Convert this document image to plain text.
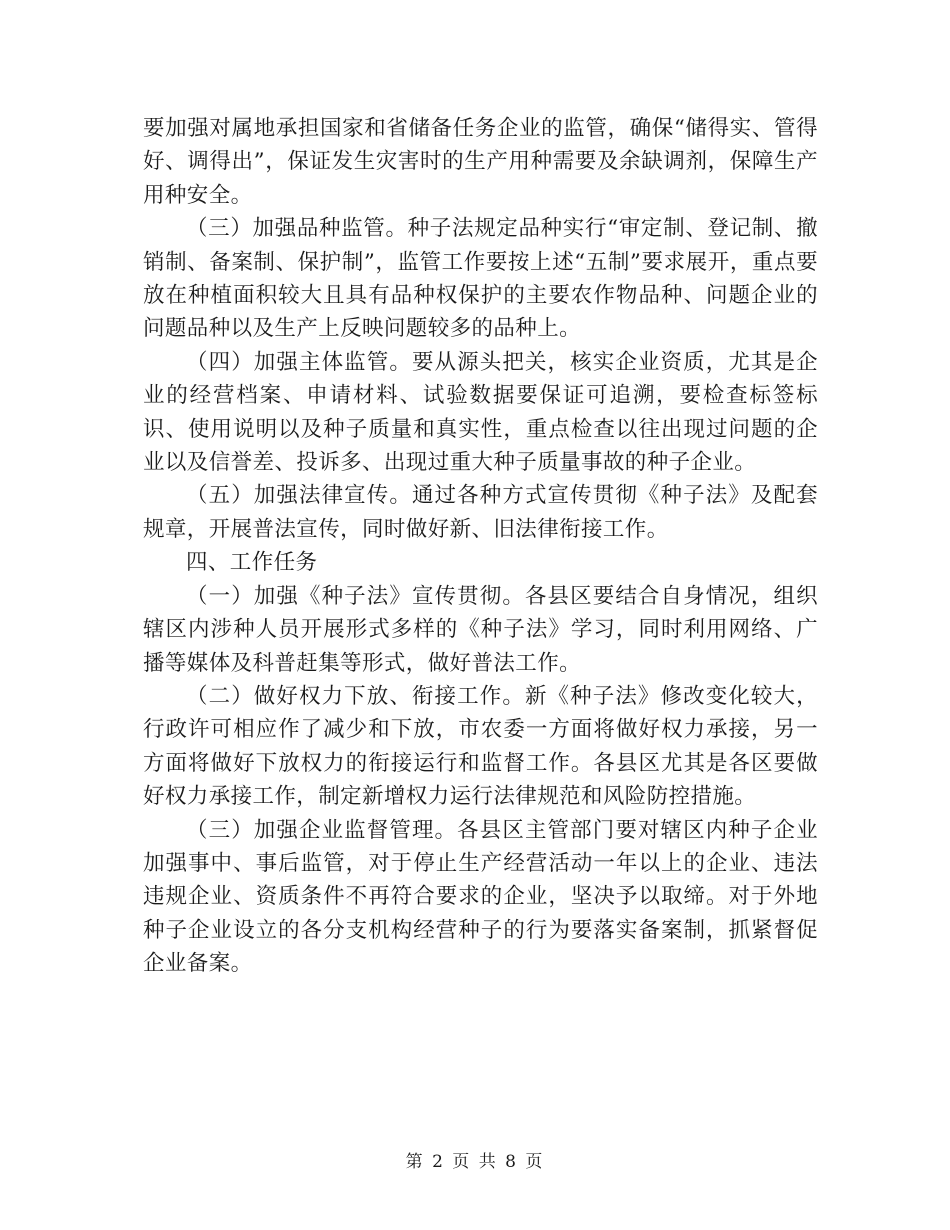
要加强对属地承担国家和省储备任务企业的监管，确保“储得实、管得好、调得出”，保证发生灾害时的生产用种需要及余缺调剂，保障生产用种安全。

（三）加强品种监管。种子法规定品种实行“审定制、登记制、撤销制、备案制、保护制”，监管工作要按上述“五制”要求展开，重点要放在种植面积较大且具有品种权保护的主要农作物品种、问题企业的问题品种以及生产上反映问题较多的品种上。

（四）加强主体监管。要从源头把关，核实企业资质，尤其是企业的经营档案、申请材料、试验数据要保证可追溯，要检查标签标识、使用说明以及种子质量和真实性，重点检查以往出现过问题的企业以及信誉差、投诉多、出现过重大种子质量事故的种子企业。

（五）加强法律宣传。通过各种方式宣传贯彻《种子法》及配套规章，开展普法宣传，同时做好新、旧法律衔接工作。

四、工作任务

（一）加强《种子法》宣传贯彻。各县区要结合自身情况，组织辖区内涉种人员开展形式多样的《种子法》学习，同时利用网络、广播等媒体及科普赶集等形式，做好普法工作。

（二）做好权力下放、衔接工作。新《种子法》修改变化较大，行政许可相应作了减少和下放，市农委一方面将做好权力承接，另一方面将做好下放权力的衔接运行和监督工作。各县区尤其是各区要做好权力承接工作，制定新增权力运行法律规范和风险防控措施。

（三）加强企业监督管理。各县区主管部门要对辖区内种子企业加强事中、事后监管，对于停止生产经营活动一年以上的企业、违法违规企业、资质条件不再符合要求的企业，坚决予以取缔。对于外地种子企业设立的各分支机构经营种子的行为要落实备案制，抓紧督促企业备案。

第 2 页 共 8 页
